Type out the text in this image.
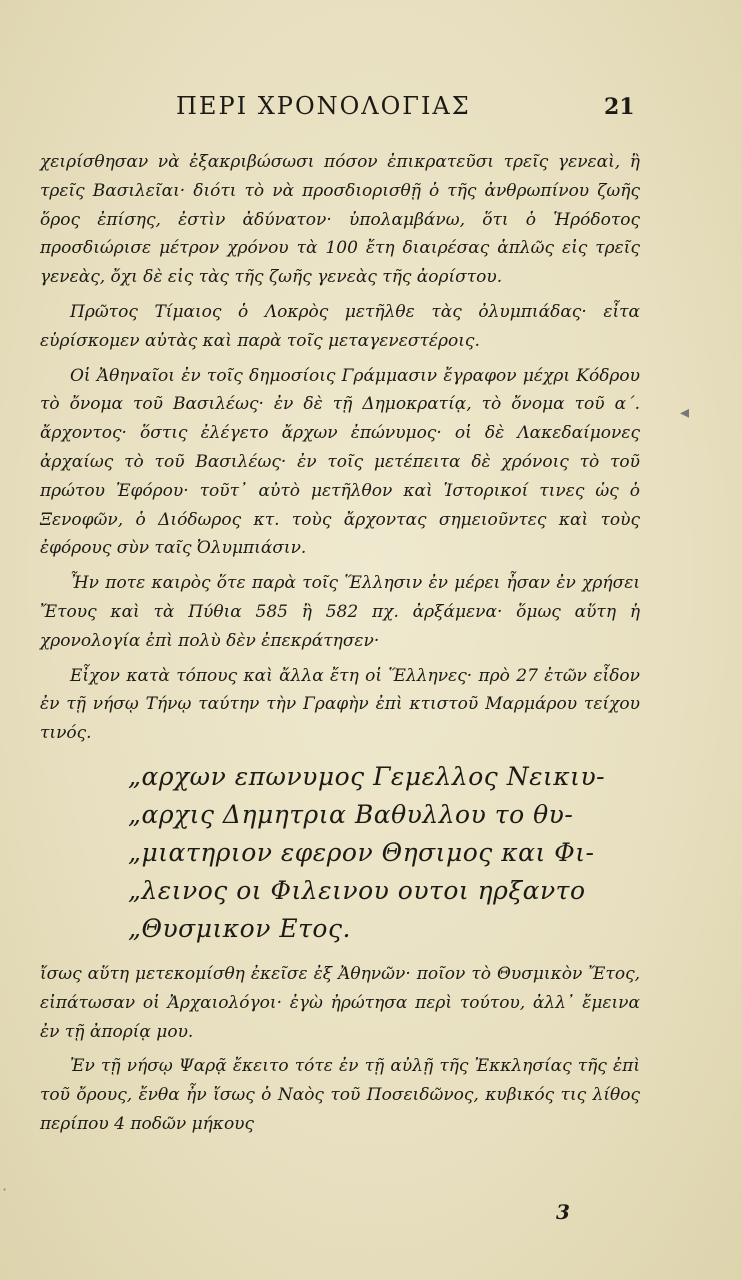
ΠΕΡΙ ΧΡΟΝΟΛΟΓΙΑΣ	21

χειρίσθησαν νὰ ἐξακριβώσωσι πόσον ἐπικρατεῦσι τρεῖς γενεαὶ, ἢ τρεῖς Βασιλεῖαι· διότι τὸ νὰ προσδιορισθῇ ὁ τῆς ἀνθρωπίνου ζωῆς ὅρος ἐπίσης, ἐστὶν ἀδύνατον· ὑπολαμβάνω, ὅτι ὁ Ἡρόδοτος προσδιώρισε μέτρον χρόνου τὰ 100 ἔτη διαιρέσας ἁπλῶς εἰς τρεῖς γενεὰς, ὄχι δὲ εἰς τὰς τῆς ζωῆς γενεὰς τῆς ἀορίστου.

Πρῶτος Τίμαιος ὁ Λοκρὸς μετῆλθε τὰς ὀλυμπιάδας· εἶτα εὑρίσκομεν αὐτὰς καὶ παρὰ τοῖς μεταγενεστέροις.

Οἱ Ἀθηναῖοι ἐν τοῖς δημοσίοις Γράμμασιν ἔγραφον μέχρι Κόδρου τὸ ὄνομα τοῦ Βασιλέως· ἐν δὲ τῇ Δημοκρατίᾳ, τὸ ὄνομα τοῦ α΄. ἄρχοντος· ὅστις ἐλέγετο ἄρχων ἐπώνυμος· οἱ δὲ Λακεδαίμονες ἀρχαίως τὸ τοῦ Βασιλέως· ἐν τοῖς μετέπειτα δὲ χρόνοις τὸ τοῦ πρώτου Ἐφόρου· τοῦτ᾽ αὐτὸ μετῆλθον καὶ Ἱστορικοί τινες ὡς ὁ Ξενοφῶν, ὁ Διόδωρος κτ. τοὺς ἄρχοντας σημειοῦντες καὶ τοὺς ἐφόρους σὺν ταῖς Ὀλυμπιάσιν.

Ἦν ποτε καιρὸς ὅτε παρὰ τοῖς Ἕλλησιν ἐν μέρει ἦσαν ἐν χρήσει Ἔτους καὶ τὰ Πύθια 585 ἢ 582 πχ. ἀρξάμενα· ὅμως αὕτη ἡ χρονολογία ἐπὶ πολὺ δὲν ἐπεκράτησεν·

Εἶχον κατὰ τόπους καὶ ἄλλα ἔτη οἱ Ἕλληνες· πρὸ 27 ἐτῶν εἶδον ἐν τῇ νήσῳ Τήνῳ ταύτην τὴν Γραφὴν ἐπὶ κτιστοῦ Μαρμάρου τείχου τινός.

„αρχων επωνυμος Γεμελλος Νεικιυ-
„αρχις Δημητρια Βαθυλλου το θυ-
„μιατηριον εφερον Θησιμος και Φι-
„λεινος οι Φιλεινου ουτοι ηρξαντο
„Θυσμικον Ετος.

ἴσως αὕτη μετεκομίσθη ἐκεῖσε ἐξ Ἀθηνῶν· ποῖον τὸ Θυσμικὸν Ἔτος, εἰπάτωσαν οἱ Ἀρχαιολόγοι· ἐγὼ ἠρώτησα περὶ τούτου, ἀλλ᾽ ἔμεινα ἐν τῇ ἀπορίᾳ μου.

Ἐν τῇ νήσῳ Ψαρᾷ ἔκειτο τότε ἐν τῇ αὐλῇ τῆς Ἐκκλησίας τῆς ἐπὶ τοῦ ὄρους, ἔνθα ἦν ἴσως ὁ Ναὸς τοῦ Ποσειδῶνος, κυβικός τις λίθος περίπου 4 ποδῶν μήκους

3
◂
·
